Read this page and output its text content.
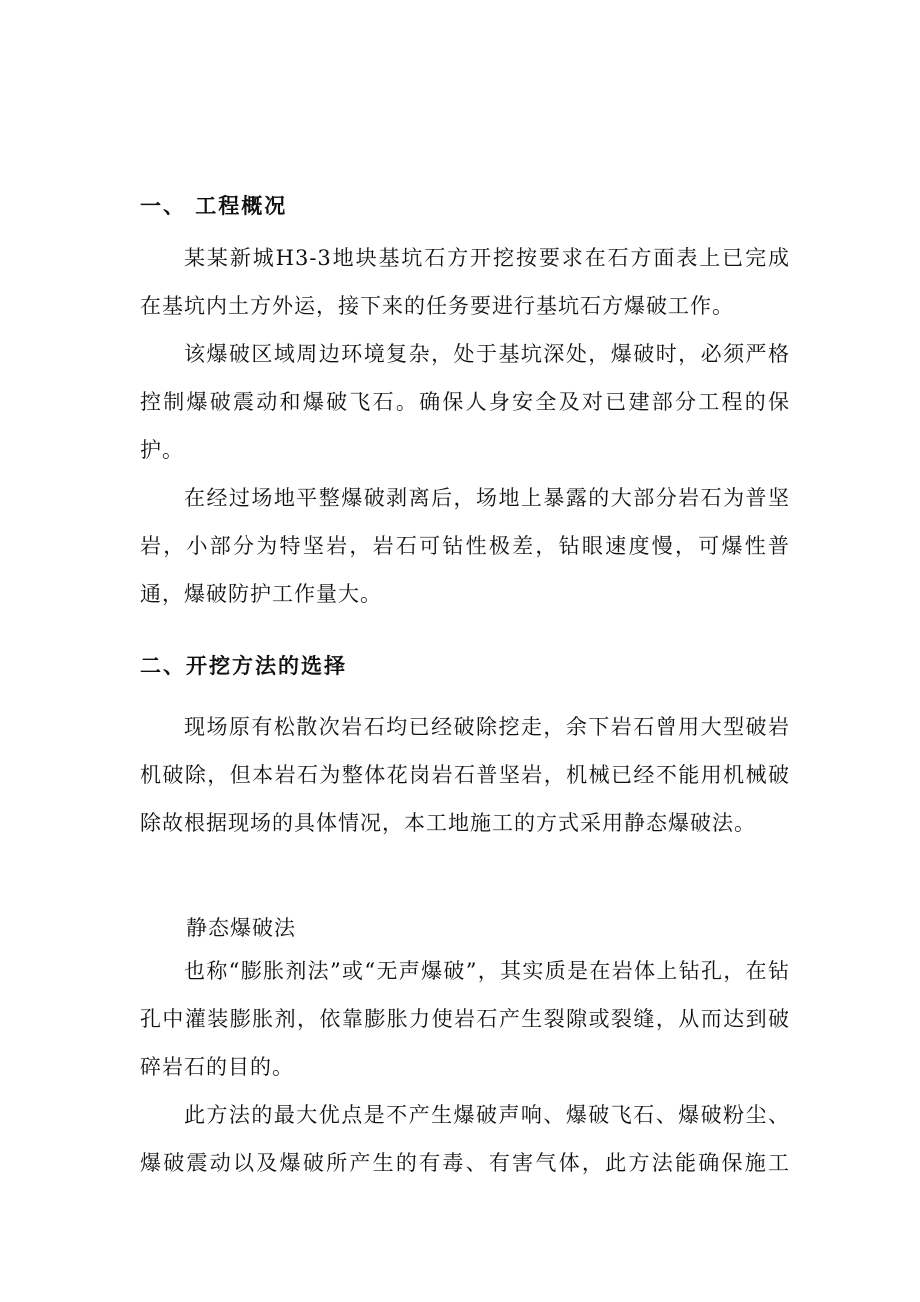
一、 工程概况

某某新城H3-3地块基坑石方开挖按要求在石方面表上已完成在基坑内土方外运，接下来的任务要进行基坑石方爆破工作。

该爆破区域周边环境复杂，处于基坑深处，爆破时，必须严格控制爆破震动和爆破飞石。确保人身安全及对已建部分工程的保护。

在经过场地平整爆破剥离后，场地上暴露的大部分岩石为普坚岩，小部分为特坚岩，岩石可钻性极差，钻眼速度慢，可爆性普通，爆破防护工作量大。

二、开挖方法的选择

现场原有松散次岩石均已经破除挖走，余下岩石曾用大型破岩机破除，但本岩石为整体花岗岩石普坚岩，机械已经不能用机械破除故根据现场的具体情况，本工地施工的方式采用静态爆破法。

静态爆破法

也称“膨胀剂法”或“无声爆破”，其实质是在岩体上钻孔，在钻孔中灌装膨胀剂，依靠膨胀力使岩石产生裂隙或裂缝，从而达到破碎岩石的目的。

此方法的最大优点是不产生爆破声响、爆破飞石、爆破粉尘、爆破震动以及爆破所产生的有毒、有害气体，此方法能确保施工
